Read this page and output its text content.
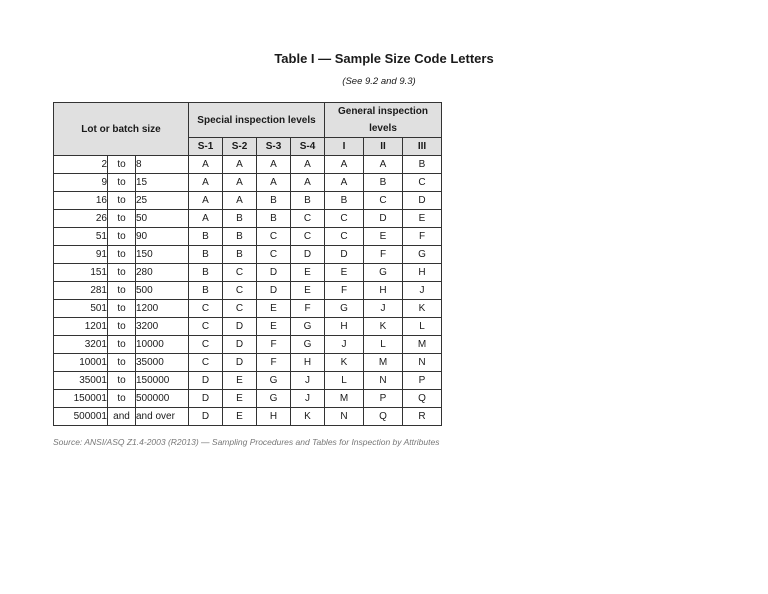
Table I — Sample Size Code Letters
(See 9.2 and 9.3)
Lot or batch size			Special inspection levels				General inspection levels		
			S-1	S-2	S-3	S-4	I	II	III
2	to	8	A	A	A	A	A	A	B
9	to	15	A	A	A	A	A	B	C
16	to	25	A	A	B	B	B	C	D
26	to	50	A	B	B	C	C	D	E
51	to	90	B	B	C	C	C	E	F
91	to	150	B	B	C	D	D	F	G
151	to	280	B	C	D	E	E	G	H
281	to	500	B	C	D	E	F	H	J
501	to	1200	C	C	E	F	G	J	K
1201	to	3200	C	D	E	G	H	K	L
3201	to	10000	C	D	F	G	J	L	M
10001	to	35000	C	D	F	H	K	M	N
35001	to	150000	D	E	G	J	L	N	P
150001	to	500000	D	E	G	J	M	P	Q
500001	and	and over	D	E	H	K	N	Q	R
Source: ANSI/ASQ Z1.4-2003 (R2013) — Sampling Procedures and Tables for Inspection by Attributes
